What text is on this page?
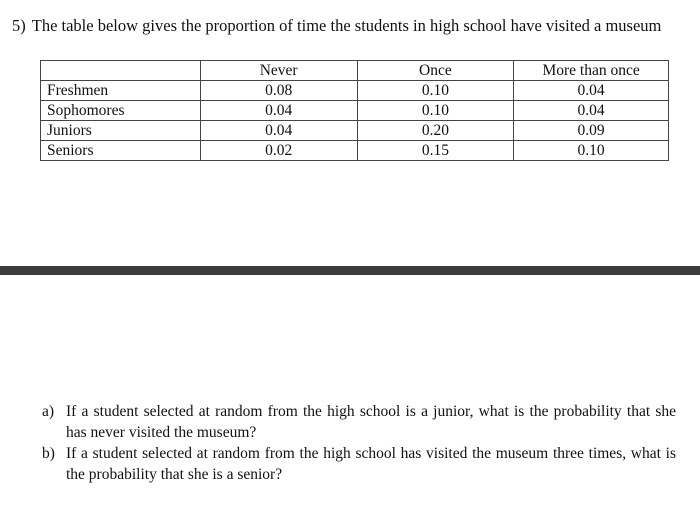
5) The table below gives the proportion of time the students in high school have visited a museum
	Never	Once	More than once
Freshmen	0.08	0.10	0.04
Sophomores	0.04	0.10	0.04
Juniors	0.04	0.20	0.09
Seniors	0.02	0.15	0.10
a) If a student selected at random from the high school is a junior, what is the probability that she has never visited the museum?
b) If a student selected at random from the high school has visited the museum three times, what is the probability that she is a senior?
